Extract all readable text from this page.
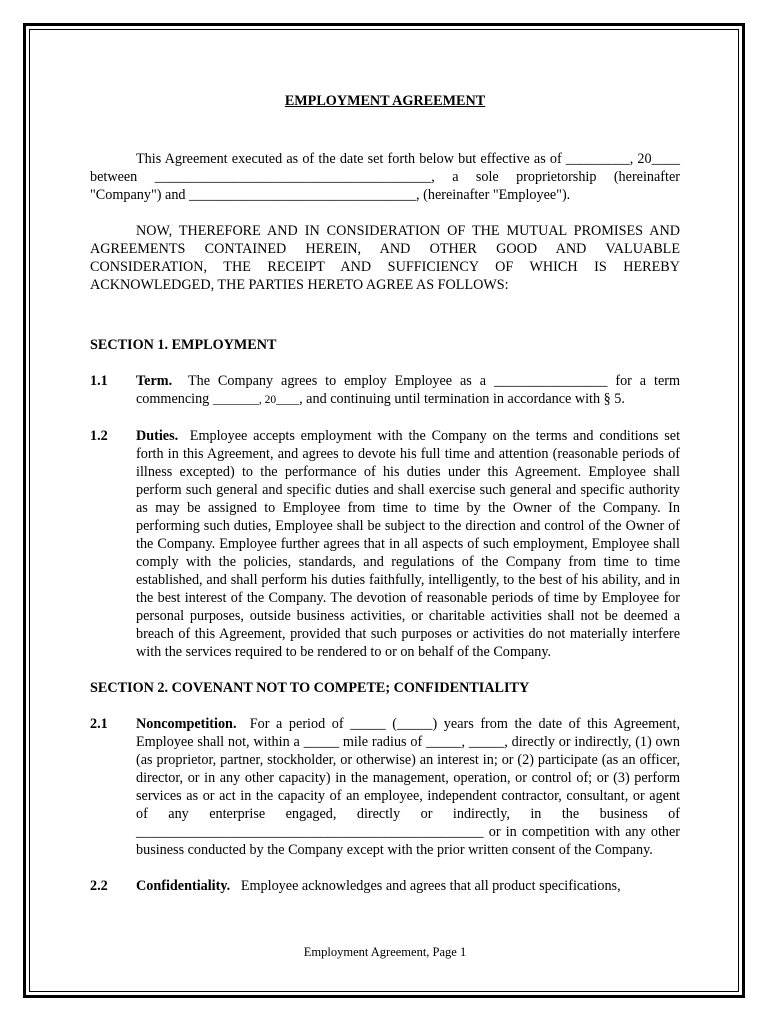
EMPLOYMENT AGREEMENT

This Agreement executed as of the date set forth below but effective as of _________, 20____ between _______________________________________, a sole proprietorship (hereinafter "Company") and ________________________________, (hereinafter "Employee").

NOW, THEREFORE AND IN CONSIDERATION OF THE MUTUAL PROMISES AND AGREEMENTS CONTAINED HEREIN, AND OTHER GOOD AND VALUABLE CONSIDERATION, THE RECEIPT AND SUFFICIENCY OF WHICH IS HEREBY ACKNOWLEDGED, THE PARTIES HERETO AGREE AS FOLLOWS:

SECTION 1. EMPLOYMENT

1.1	Term. The Company agrees to employ Employee as a ________________ for a term commencing ________, 20____, and continuing until termination in accordance with § 5.
1.2	Duties. Employee accepts employment with the Company on the terms and conditions set forth in this Agreement, and agrees to devote his full time and attention (reasonable periods of illness excepted) to the performance of his duties under this Agreement. Employee shall perform such general and specific duties and shall exercise such general and specific authority as may be assigned to Employee from time to time by the Owner of the Company. In performing such duties, Employee shall be subject to the direction and control of the Owner of the Company. Employee further agrees that in all aspects of such employment, Employee shall comply with the policies, standards, and regulations of the Company from time to time established, and shall perform his duties faithfully, intelligently, to the best of his ability, and in the best interest of the Company. The devotion of reasonable periods of time by Employee for personal purposes, outside business activities, or charitable activities shall not be deemed a breach of this Agreement, provided that such purposes or activities do not materially interfere with the services required to be rendered to or on behalf of the Company.

SECTION 2. COVENANT NOT TO COMPETE; CONFIDENTIALITY

2.1	Noncompetition. For a period of _____ (_____) years from the date of this Agreement, Employee shall not, within a _____ mile radius of _____, _____, directly or indirectly, (1) own (as proprietor, partner, stockholder, or otherwise) an interest in; or (2) participate (as an officer, director, or in any other capacity) in the management, operation, or control of; or (3) perform services as or act in the capacity of an employee, independent contractor, consultant, or agent of any enterprise engaged, directly or indirectly, in the business of _________________________________________________ or in competition with any other business conducted by the Company except with the prior written consent of the Company.
2.2	Confidentiality. Employee acknowledges and agrees that all product specifications,
Employment Agreement, Page 1
